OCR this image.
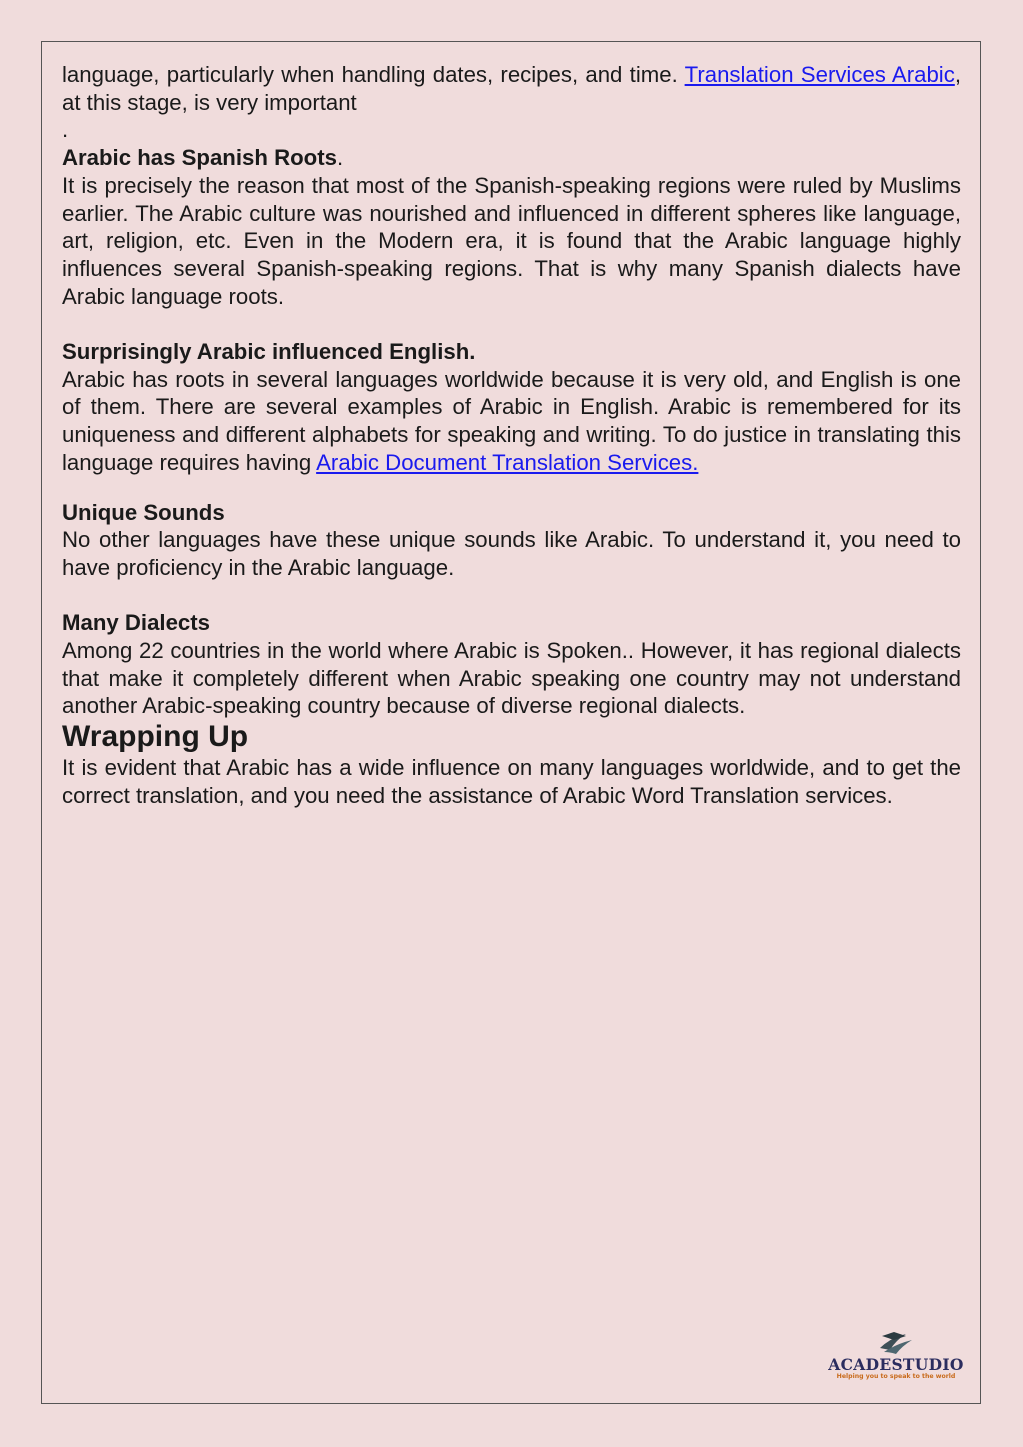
language, particularly when handling dates, recipes, and time. Translation Services Arabic, at this stage, is very important

.

Arabic has Spanish Roots.

It is precisely the reason that most of the Spanish-speaking regions were ruled by Muslims earlier. The Arabic culture was nourished and influenced in different spheres like language, art, religion, etc. Even in the Modern era, it is found that the Arabic language highly influences several Spanish-speaking regions. That is why many Spanish dialects have Arabic language roots.

Surprisingly Arabic influenced English.

Arabic has roots in several languages worldwide because it is very old, and English is one of them. There are several examples of Arabic in English. Arabic is remembered for its uniqueness and different alphabets for speaking and writing. To do justice in translating this language requires having Arabic Document Translation Services.

Unique Sounds

No other languages have these unique sounds like Arabic. To understand it, you need to have proficiency in the Arabic language.

Many Dialects

Among 22 countries in the world where Arabic is Spoken.. However, it has regional dialects that make it completely different when Arabic speaking one country may not understand another Arabic-speaking country because of diverse regional dialects.

Wrapping Up

It is evident that Arabic has a wide influence on many languages worldwide, and to get the correct translation, and you need the assistance of Arabic Word Translation services.

ACADESTUDIO
Helping you to speak to the world
